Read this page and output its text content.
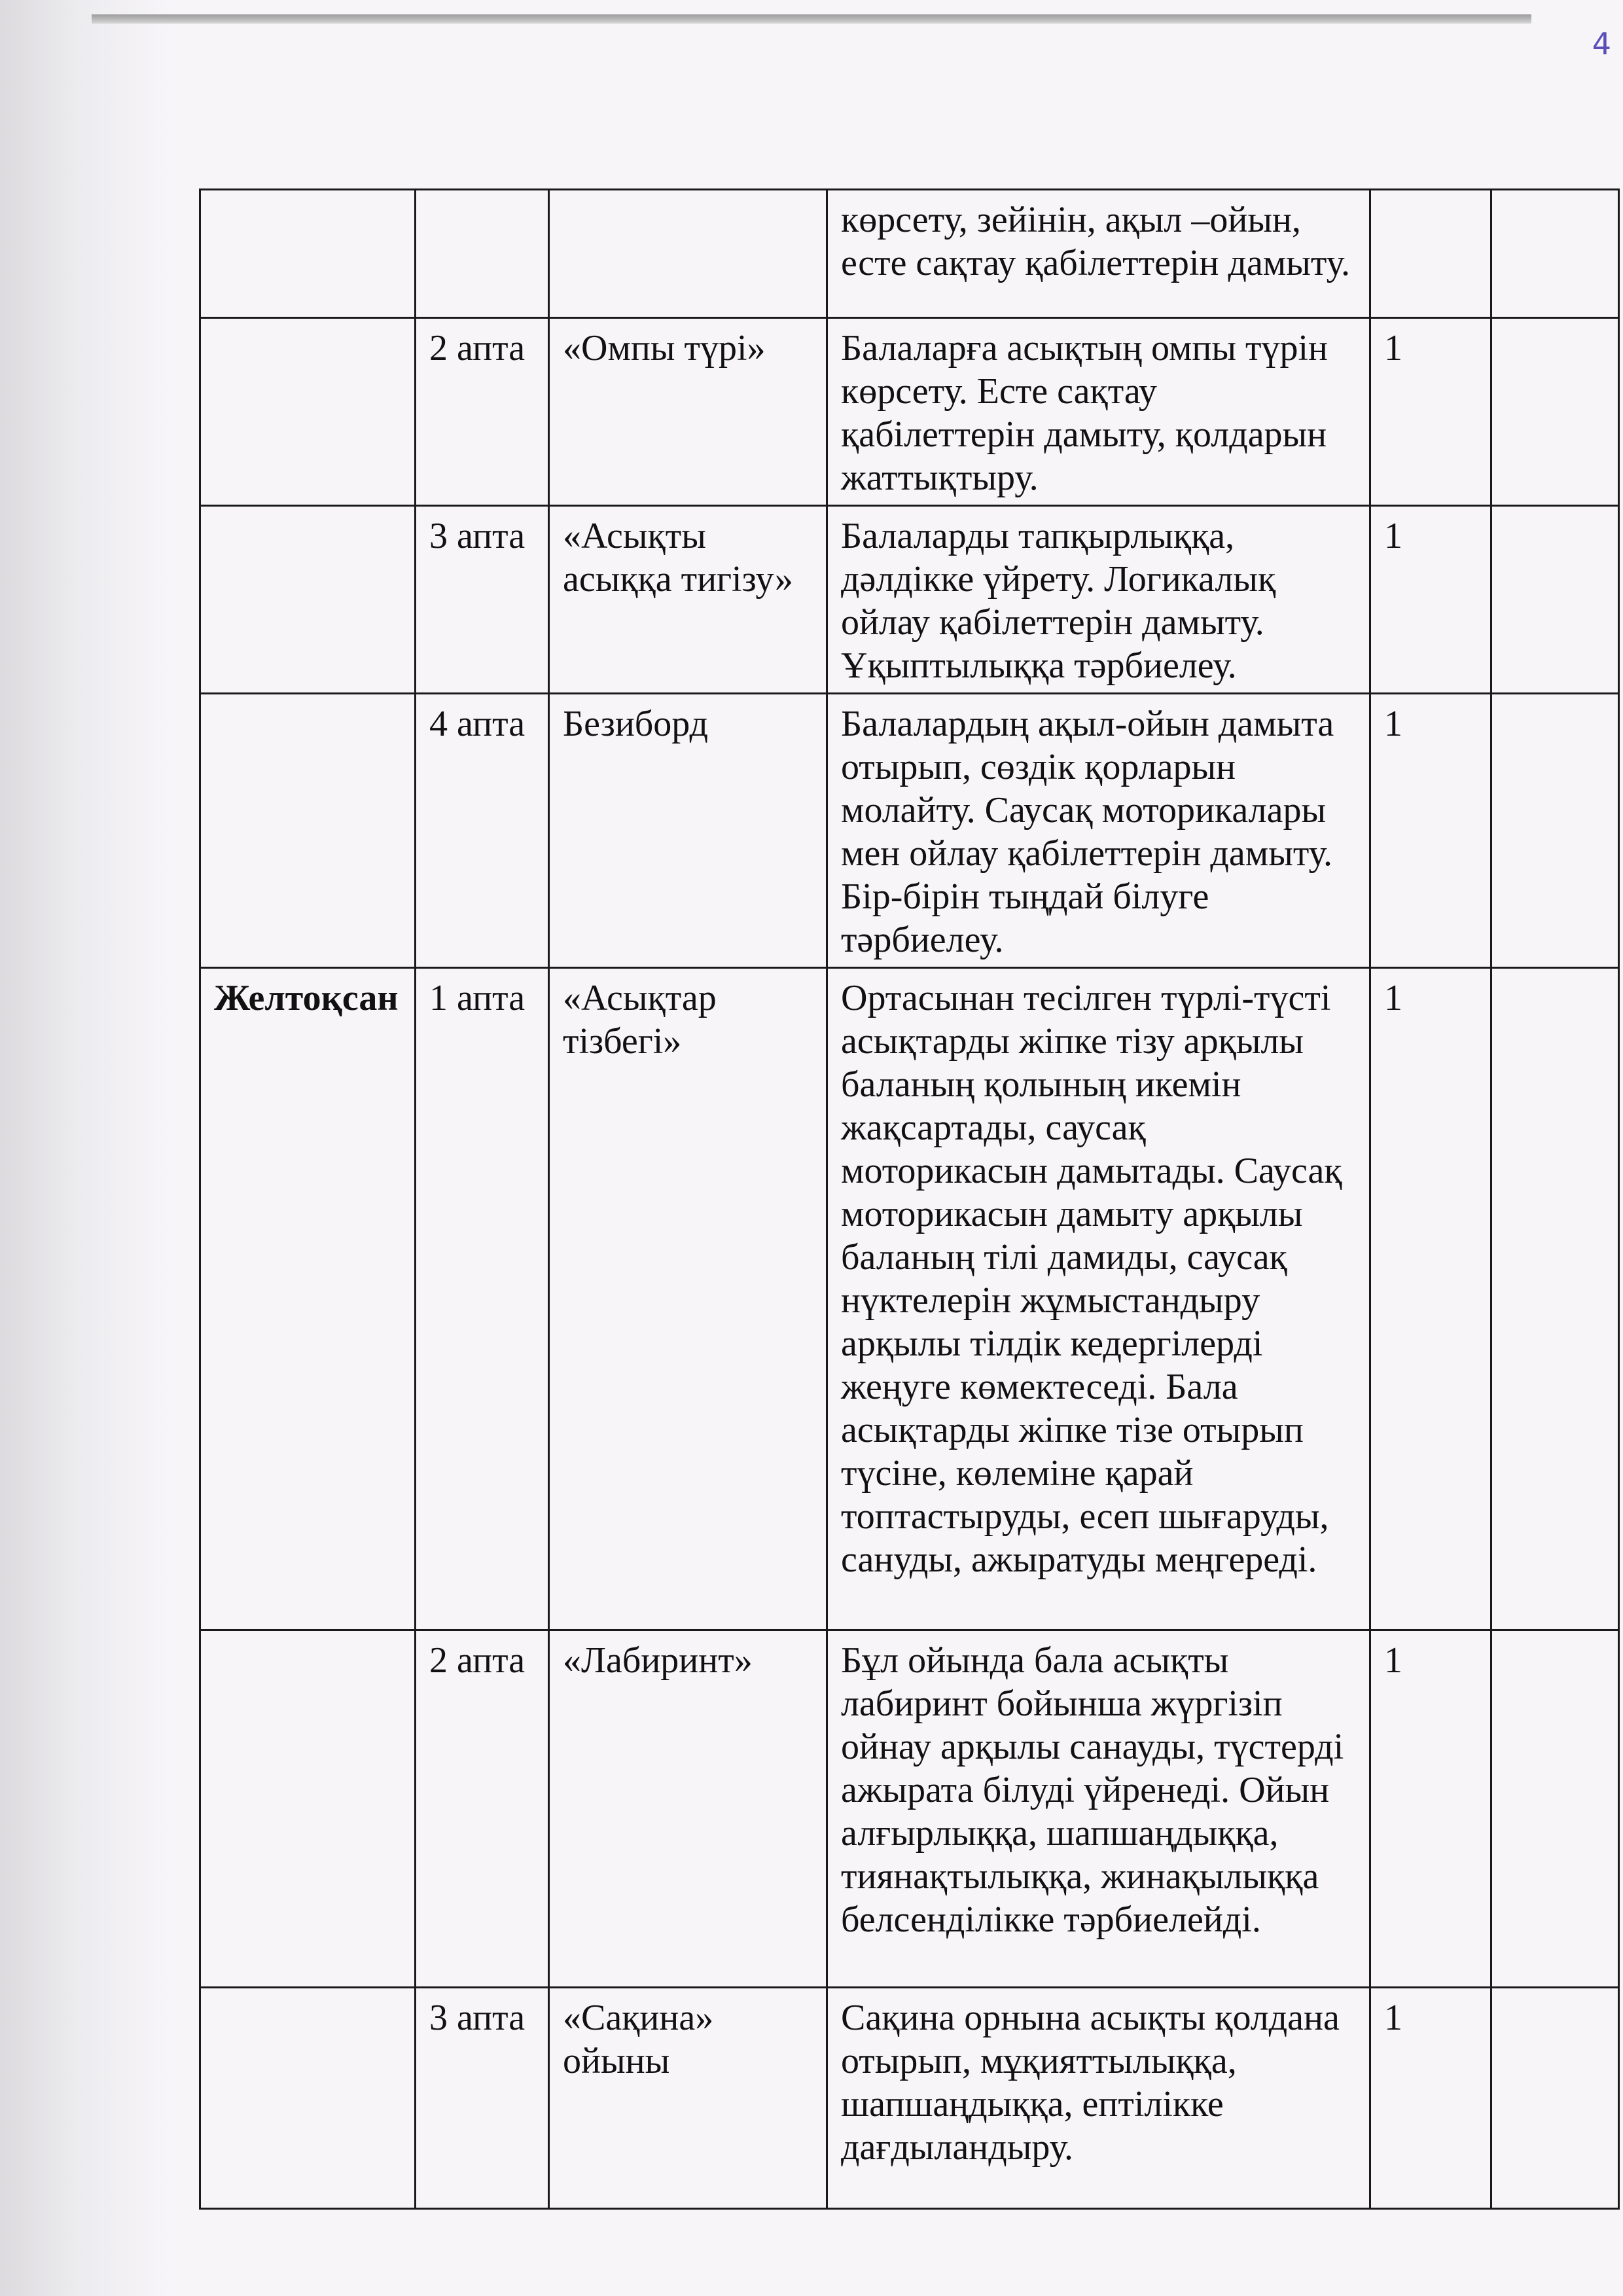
4
			көрсету, зейінін, ақыл –ойын, есте сақтау қабілеттерін дамыту.		
	2 апта	«Омпы түрі»	Балаларға асықтың омпы түрін көрсету. Есте сақтау қабілеттерін дамыту, қолдарын жаттықтыру.	1	
	3 апта	«Асықты асыққа тигізу»	Балаларды тапқырлыққа, дәлдікке үйрету. Логикалық ойлау қабілеттерін дамыту. Ұқыптылыққа тәрбиелеу.	1	
	4 апта	Безиборд	Балалардың ақыл-ойын дамыта отырып, сөздік қорларын молайту. Саусақ моторикалары мен ойлау қабілеттерін дамыту. Бір-бірін тыңдай білуге тәрбиелеу.	1	
Желтоқсан	1 апта	«Асықтар тізбегі»	Ортасынан тесілген түрлі-түсті асықтарды жіпке тізу арқылы баланың қолының икемін жақсартады, саусақ моторикасын дамытады. Саусақ моторикасын дамыту арқылы баланың тілі дамиды, саусақ нүктелерін жұмыстандыру арқылы тілдік кедергілерді жеңуге көмектеседі. Бала асықтарды жіпке тізе отырып түсіне, көлеміне қарай топтастыруды, есеп шығаруды, сануды, ажыратуды меңгереді.	1	
	2 апта	«Лабиринт»	Бұл ойында бала асықты лабиринт бойынша жүргізіп ойнау арқылы санауды, түстерді ажырата білуді үйренеді. Ойын алғырлыққа, шапшаңдыққа, тиянақтылыққа, жинақылыққа белсенділікке тәрбиелейді.	1	
	3 апта	«Сақина» ойыны	Сақина орнына асықты қолдана отырып, мұқияттылыққа, шапшаңдыққа, ептілікке дағдыландыру.	1	
